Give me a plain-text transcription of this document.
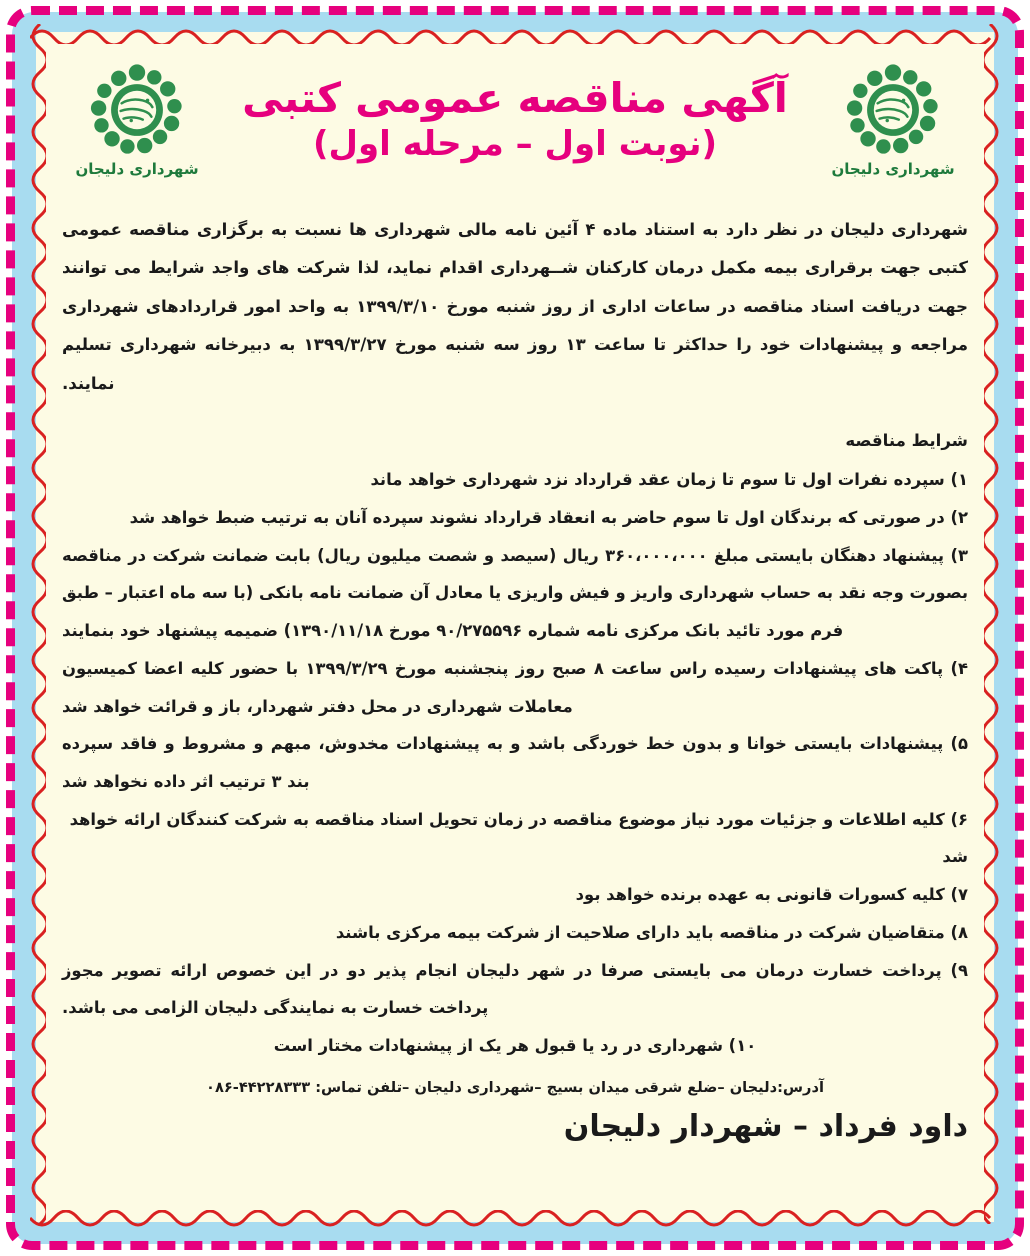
شهرداری دلیجان
آگهی مناقصه عمومی کتبی
(نوبت اول – مرحله اول)
شهرداری دلیجان

شهرداری دلیجان در نظر دارد به استناد ماده ۴ آئین نامه مالی شهرداری ها نسبت به برگزاری مناقصه عمومی کتبی جهت برقراری بیمه مکمل درمان کارکنان شــهرداری اقدام نماید، لذا شرکت های واجد شرایط می توانند جهت دریافت اسناد مناقصه در ساعات اداری از روز شنبه مورخ ۱۳۹۹/۳/۱۰ به واحد امور قراردادهای شهرداری مراجعه و پیشنهادات خود را حداکثر تا ساعت ۱۳ روز سه شنبه مورخ ۱۳۹۹/۳/۲۷ به دبیرخانه شهرداری تسلیم نمایند.

شرایط مناقصه
۱) سپرده نفرات اول تا سوم تا زمان عقد قرارداد نزد شهرداری خواهد ماند
۲) در صورتی که برندگان اول تا سوم حاضر به انعقاد قرارداد نشوند سپرده آنان به ترتیب ضبط خواهد شد
۳) پیشنهاد دهنگان بایستی مبلغ ۳۶۰،۰۰۰،۰۰۰ ریال (سیصد و شصت میلیون ریال) بابت ضمانت شرکت در مناقصه بصورت وجه نقد به حساب شهرداری واریز و فیش واریزی یا معادل آن ضمانت نامه بانکی (با سه ماه اعتبار – طبق فرم مورد تائید بانک مرکزی نامه شماره ۹۰/۲۷۵۵۹۶ مورخ ۱۳۹۰/۱۱/۱۸) ضمیمه پیشنهاد خود بنمایند
۴) پاکت های پیشنهادات رسیده راس ساعت ۸ صبح روز پنجشنبه مورخ ۱۳۹۹/۳/۲۹ با حضور کلیه اعضا کمیسیون معاملات شهرداری در محل دفتر شهردار، باز و قرائت خواهد شد
۵) پیشنهادات بایستی خوانا و بدون خط خوردگی باشد و به پیشنهادات مخدوش، مبهم و مشروط و فاقد سپرده بند ۳ ترتیب اثر داده نخواهد شد
۶) کلیه اطلاعات و جزئیات مورد نیاز موضوع مناقصه در زمان تحویل اسناد مناقصه به شرکت کنندگان ارائه خواهد شد
۷) کلیه کسورات قانونی به عهده برنده خواهد بود
۸) متقاضیان شرکت در مناقصه باید دارای صلاحیت از شرکت بیمه مرکزی باشند
۹) پرداخت خسارت درمان می بایستی صرفا در شهر دلیجان انجام پذیر دو در این خصوص ارائه تصویر مجوز پرداخت خسارت به نمایندگی دلیجان الزامی می باشد.
۱۰) شهرداری در رد یا قبول هر یک از پیشنهادات مختار است
آدرس:دلیجان –ضلع شرقی میدان بسیج –شهرداری دلیجان –تلفن تماس: ۴۴۲۲۸۳۳۳-۰۸۶
داود فرداد – شهردار دلیجان
